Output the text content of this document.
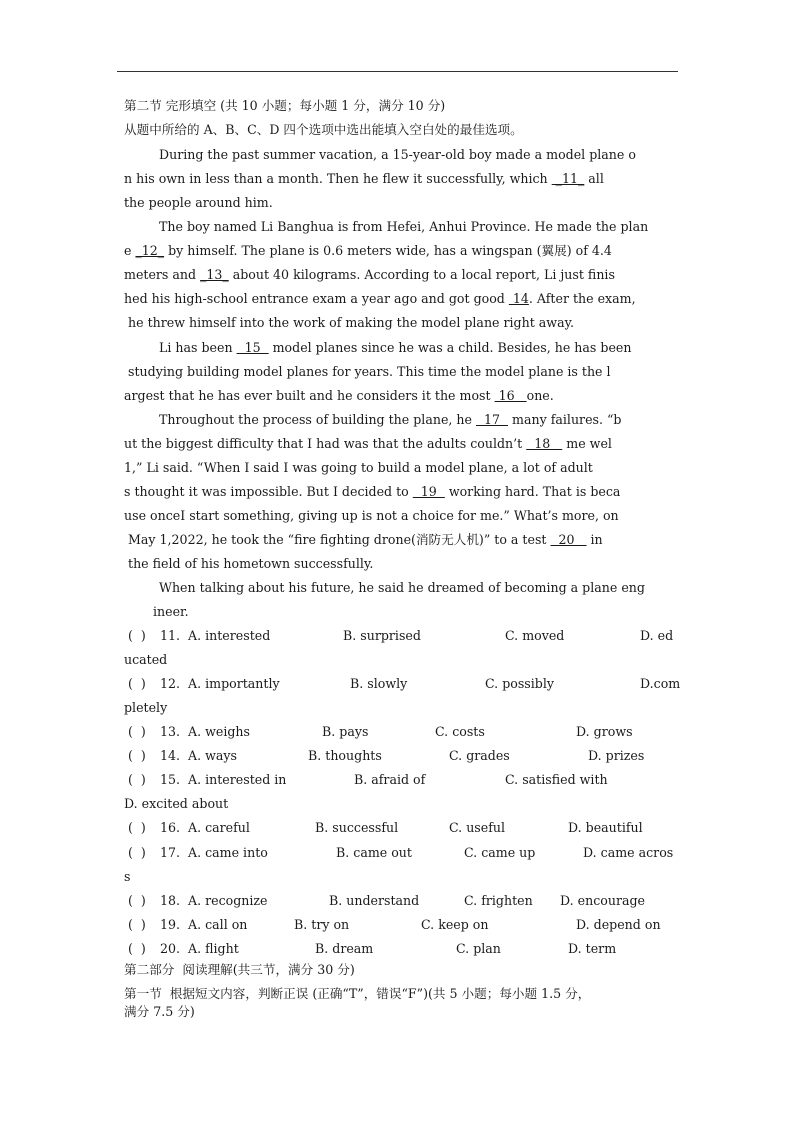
第二节 完形填空 (共 10 小题；每小题 1 分，满分 10 分)
从题中所给的 A、B、C、D 四个选项中选出能填入空白处的最佳选项。
During the past summer vacation, a 15-year-old boy made a model plane o
n his own in less than a month. Then he flew it successfully, which  _11_ all
the people around him.
The boy named Li Banghua is from Hefei, Anhui Province. He made the plan
e _12_ by himself. The plane is 0.6 meters wide, has a wingspan (翼展) of 4.4
meters and _13_ about 40 kilograms. According to a local report, Li just finis
hed his high-school entrance exam a year ago and got good  14. After the exam,
he threw himself into the work of making the model plane right away.
Li has been   15   model planes since he was a child. Besides, he has been
studying building model planes for years. This time the model plane is the l
argest that he has ever built and he considers it the most  16   one.
Throughout the process of building the plane, he   17   many failures. “b
ut the biggest difficulty that I had was that the adults couldn’t   18    me wel
1,” Li said. “When I said I was going to build a model plane, a lot of adult
s thought it was impossible. But I decided to   19   working hard. That is beca
use onceI start something, giving up is not a choice for me.” What’s more, on
May 1,2022, he took the “fire fighting drone(消防无人机)” to a test   20    in
the field of his hometown successfully.
When talking about his future, he said he dreamed of becoming a plane eng
ineer.
(  ) 11. A. interested	B. surprised	C. moved	D. ed
ucated
(  ) 12. A. importantly	B. slowly	C. possibly	D.com
pletely
(  ) 13. A. weighs	B. pays	C. costs	D. grows
(  ) 14. A. ways	B. thoughts	C. grades	D. prizes
(  ) 15. A. interested in	B. afraid of	C. satisfied with
D. excited about
(  ) 16. A. careful	B. successful	C. useful	D. beautiful
(  ) 17. A. came into	B. came out	C. came up	D. came acros
s
(  ) 18. A. recognize	B. understand	C. frighten D. encourage
(  ) 19. A. call on	B. try on	C. keep on	D. depend on
(  ) 20. A. flight	B. dream	C. plan	D. term
第二部分  阅读理解(共三节，满分 30 分)
第一节  根据短文内容，判断正误 (正确“T”，错误“F”)(共 5 小题；每小题 1.5 分，
满分 7.5 分)
